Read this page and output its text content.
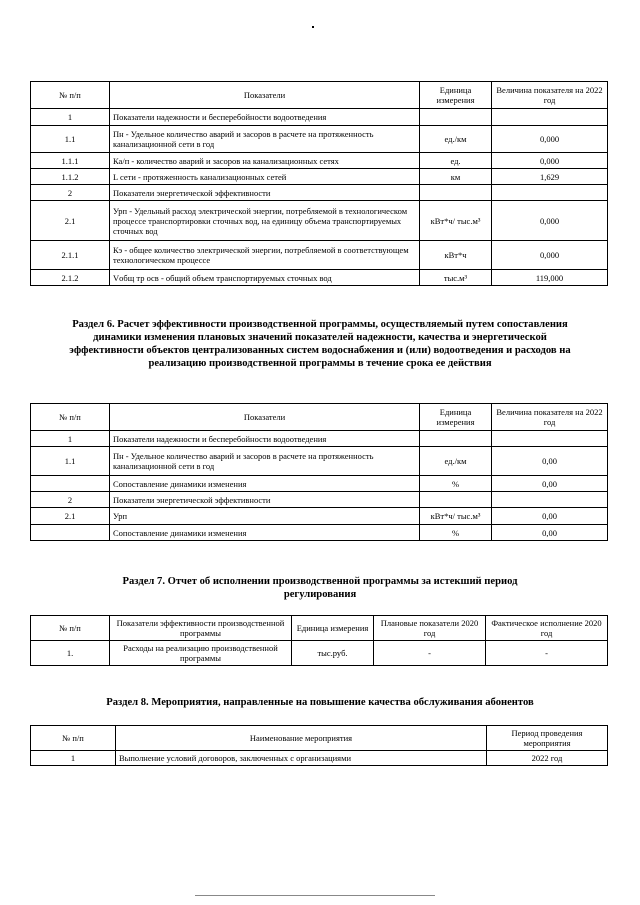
№ п/п	Показатели	Единица измерения	Величина показателя на 2022 год
1	Показатели надежности и бесперебойности водоотведения		
1.1	Пн - Удельное количество аварий и засоров в расчете на протяженность канализационной сети в год	ед./км	0,000
1.1.1	Ка/п - количество аварий и засоров на канализационных сетях	ед.	0,000
1.1.2	L сети - протяженность канализационных сетей	км	1,629
2	Показатели энергетической эффективности		
2.1	Урп - Удельный расход электрической энергии, потребляемой в технологическом процессе транспортировки сточных вод, на единицу объема транспортируемых сточных вод	кВт*ч/ тыс.м³	0,000
2.1.1	Кэ - общее количество электрической энергии, потребляемой в соответствующем технологическом процессе	кВт*ч	0,000
2.1.2	Vобщ тр осв - общий объем транспортируемых сточных вод	тыс.м³	119,000
Раздел 6. Расчет эффективности производственной программы, осуществляемый путем сопоставления динамики изменения плановых значений показателей надежности, качества и энергетической эффективности объектов централизованных систем водоснабжения и (или) водоотведения и расходов на реализацию производственной программы в течение срока ее действия
№ п/п	Показатели	Единица измерения	Величина показателя на 2022 год
1	Показатели надежности и бесперебойности водоотведения		
1.1	Пн - Удельное количество аварий и засоров в расчете на протяженность канализационной сети в год	ед./км	0,00
	Сопоставление динамики изменения	%	0,00
2	Показатели энергетической эффективности		
2.1	Урп	кВт*ч/ тыс.м³	0,00
	Сопоставление динамики изменения	%	0,00
Раздел 7. Отчет об исполнении производственной программы за истекший период регулирования
№ п/п	Показатели эффективности производственной программы	Единица измерения	Плановые показатели 2020 год	Фактическое исполнение 2020 год
1.	Расходы на реализацию производственной программы	тыс.руб.	-	-
Раздел 8. Мероприятия, направленные на повышение качества обслуживания абонентов
№ п/п	Наименование мероприятия	Период проведения мероприятия
1	Выполнение условий договоров, заключенных с организациями	2022 год
